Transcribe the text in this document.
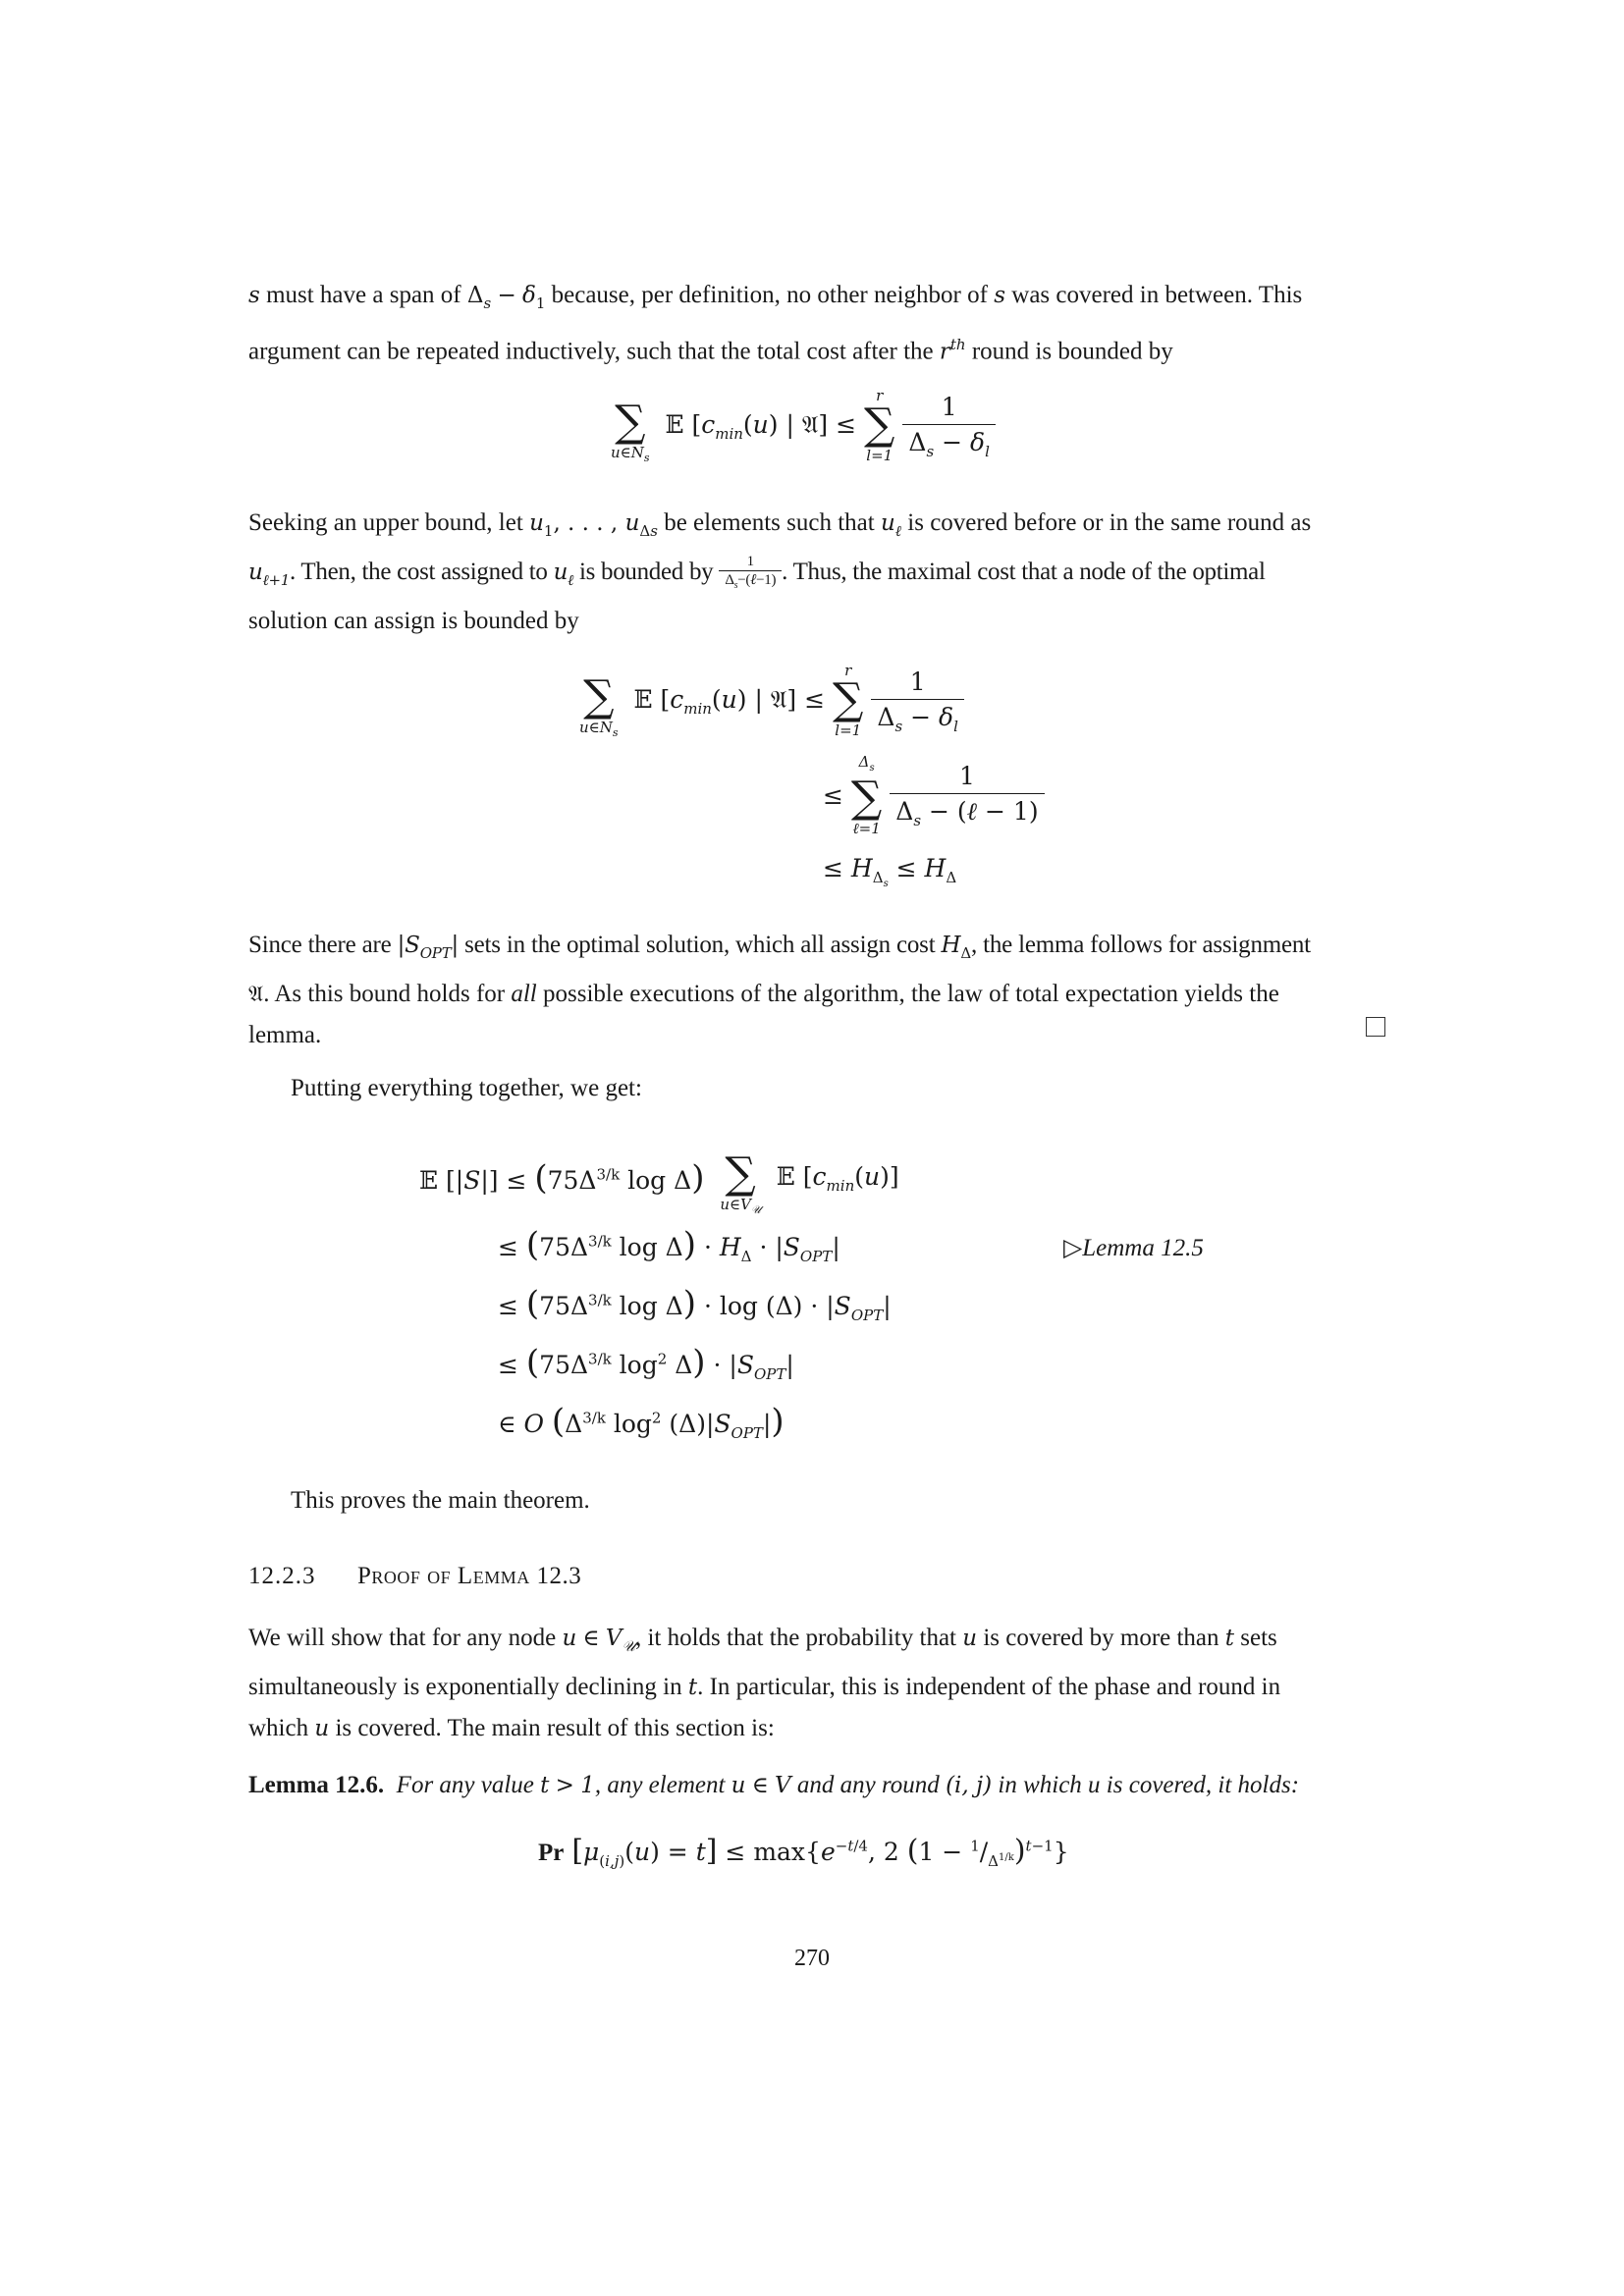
s must have a span of $\Delta_s - \delta_1$ because, per definition, no other neighbor of s was covered in between. This
argument can be repeated inductively, such that the total cost after the $r^{th}$ round is bounded by

∑
$u\in N_s$
𝔼 [$c_{min}(u)$ | 𝔄] ≤
r
∑
l=1
$\frac{1}{\Delta_s - \delta_l}$
Seeking an upper bound, let $u_1$, . . . , $u_{\Delta s}$ be elements such that $u_\ell$ is covered before or in the same round as
$u_{\ell+1}$. Then, the cost assigned to $u_\ell$ is bounded by $\frac{1}{\Delta_s-(\ell-1)}$ . Thus, the maximal cost that a node of the optimal
solution can assign is bounded by

∑
$u\in N_s$
𝔼 [$c_{min}(u)$ | 𝔄] ≤
r
∑
l=1
$\frac{1}{\Delta_s - \delta_l}$
≤
$\Delta_s$
∑
ℓ=1
$\frac{1}{\Delta_s - (\ell - 1)}$
≤ $H_{\Delta_s} \le H_\Delta$
Since there are $|S_{OPT}|$ sets in the optimal solution, which all assign cost $H_\Delta$, the lemma follows for assignment
𝔄. As this bound holds for all possible executions of the algorithm, the law of total expectation yields the
lemma.
Putting everything together, we get:
𝔼 $[|S|] \le (75\Delta^{3/k}$ log Δ)
∑
$u\in V_𝒰$
𝔼 $[c_{min}(u)]$
≤ ($75\Delta^{3/k}$ $\log \Delta) \cdot H_\Delta \cdot |S_{OPT}|$	▷Lemma 12.5
≤ ($75\Delta^{3/k}$ $\log \Delta) \cdot \log (\Delta) \cdot |S_{OPT}|$
≤ ($75\Delta^{3/k}$ $\log^2 \Delta) \cdot |S_{OPT}|$
∈ O ($\Delta^{3/k}$ $\log^2 (\Delta)|S_{OPT}|$)
This proves the main theorem.
12.2.3 Proof of Lemma 12.3
We will show that for any node u ∈ $V_𝒰$, it holds that the probability that u is covered by more than t sets
simultaneously is exponentially declining in t. In particular, this is independent of the phase and round in
which u is covered. The main result of this section is:
Lemma 12.6.  For any value t > 1, any element u ∈ V and any round (i, j) in which u is covered, it holds:
Pr $[\mu_{(i,j)}(u) = t] \le \max\{e^{-t/4}$, 2 $(1 - ^1/_{\Delta^{1/k}})^{t-1}$}
270
